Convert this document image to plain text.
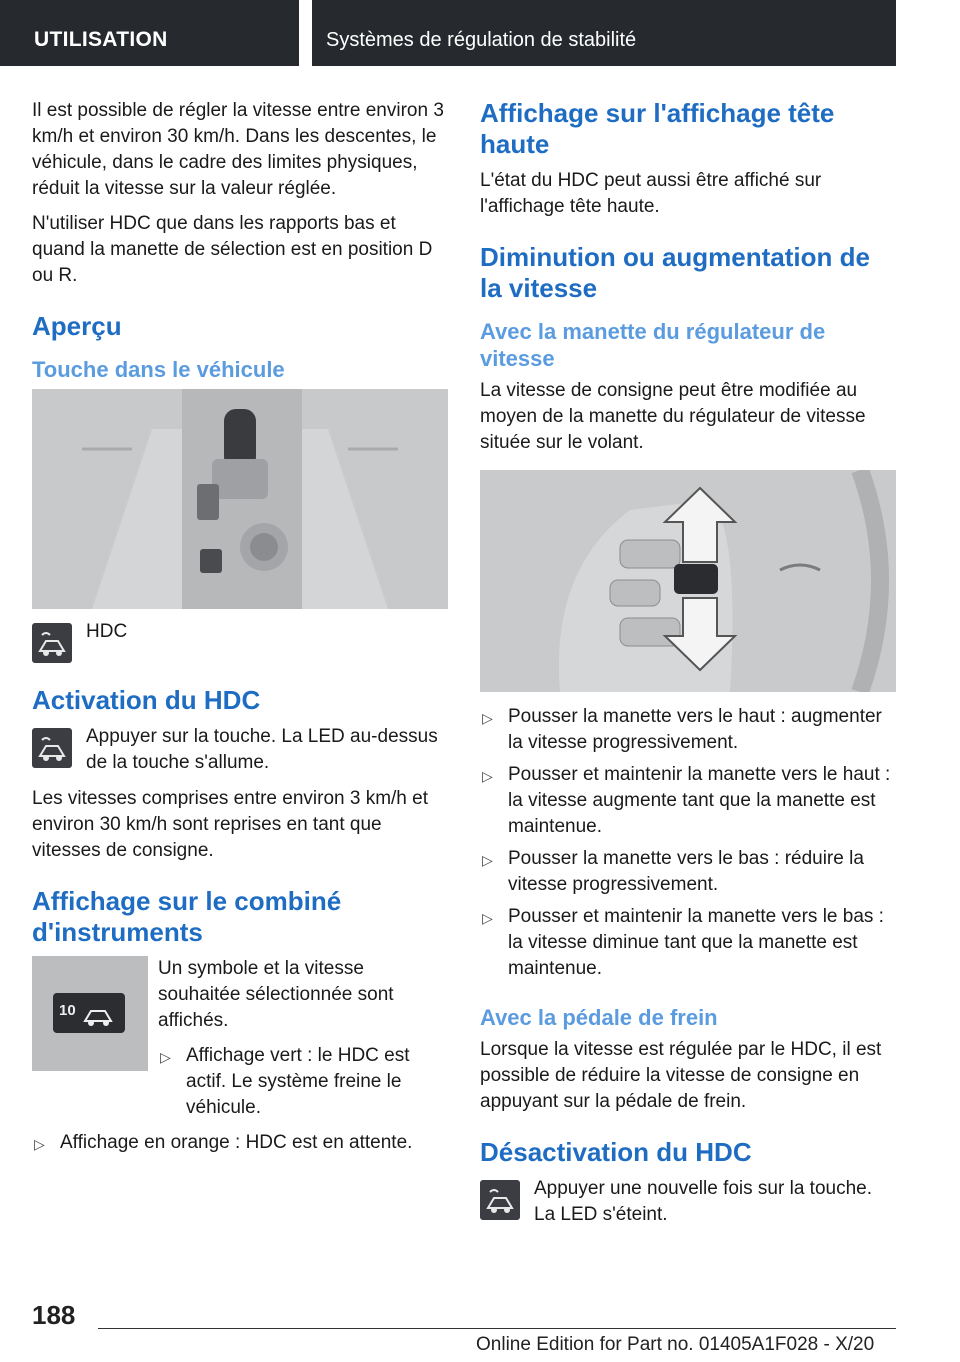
UTILISATION	Systèmes de régulation de stabilité

Il est possible de régler la vitesse entre environ 3 km/h et environ 30 km/h. Dans les descentes, le véhicule, dans le cadre des limites physiques, réduit la vitesse sur la valeur réglée.

N'utiliser HDC que dans les rapports bas et quand la manette de sélection est en position D ou R.

Aperçu
Touche dans le véhicule

HDC

Activation du HDC

Appuyer sur la touche. La LED au-dessus de la touche s'allume.

Les vitesses comprises entre environ 3 km/h et environ 30 km/h sont reprises en tant que vitesses de consigne.

Affichage sur le combiné d'instruments
10

Un symbole et la vitesse souhaitée sélectionnée sont affichés.

▷ Affichage vert : le HDC est actif. Le système freine le véhicule.
▷ Affichage en orange : HDC est en attente.
Affichage sur l'affichage tête haute

L'état du HDC peut aussi être affiché sur l'affichage tête haute.

Diminution ou augmentation de la vitesse
Avec la manette du régulateur de vitesse

La vitesse de consigne peut être modifiée au moyen de la manette du régulateur de vitesse située sur le volant.

▷ Pousser la manette vers le haut : augmenter la vitesse progressivement.
▷ Pousser et maintenir la manette vers le haut : la vitesse augmente tant que la manette est maintenue.
▷ Pousser la manette vers le bas : réduire la vitesse progressivement.
▷ Pousser et maintenir la manette vers le bas : la vitesse diminue tant que la manette est maintenue.
Avec la pédale de frein

Lorsque la vitesse est régulée par le HDC, il est possible de réduire la vitesse de consigne en appuyant sur la pédale de frein.

Désactivation du HDC

Appuyer une nouvelle fois sur la touche. La LED s'éteint.

188
Online Edition for Part no. 01405A1F028 - X/20
